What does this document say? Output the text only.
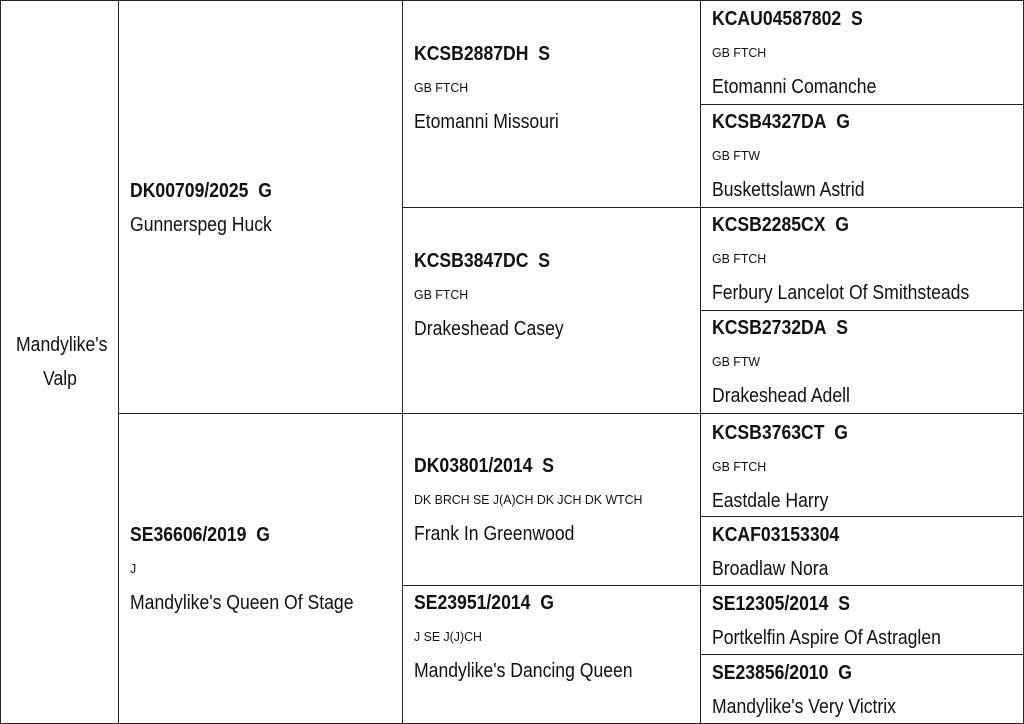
Mandylike's Valp
DK00709/2025 G
Gunnerspeg Huck
SE36606/2019 G
J
Mandylike's Queen Of Stage
KCSB2887DH S
GB FTCH
Etomanni Missouri
KCSB3847DC S
GB FTCH
Drakeshead Casey
DK03801/2014 S
DK BRCH SE J(A)CH DK JCH DK WTCH
Frank In Greenwood
SE23951/2014 G
J SE J(J)CH
Mandylike's Dancing Queen
KCAU04587802 S
GB FTCH
Etomanni Comanche
KCSB4327DA G
GB FTW
Buskettslawn Astrid
KCSB2285CX G
GB FTCH
Ferbury Lancelot Of Smithsteads
KCSB2732DA S
GB FTW
Drakeshead Adell
KCSB3763CT G
GB FTCH
Eastdale Harry
KCAF03153304
Broadlaw Nora
SE12305/2014 S
Portkelfin Aspire Of Astraglen
SE23856/2010 G
Mandylike's Very Victrix
